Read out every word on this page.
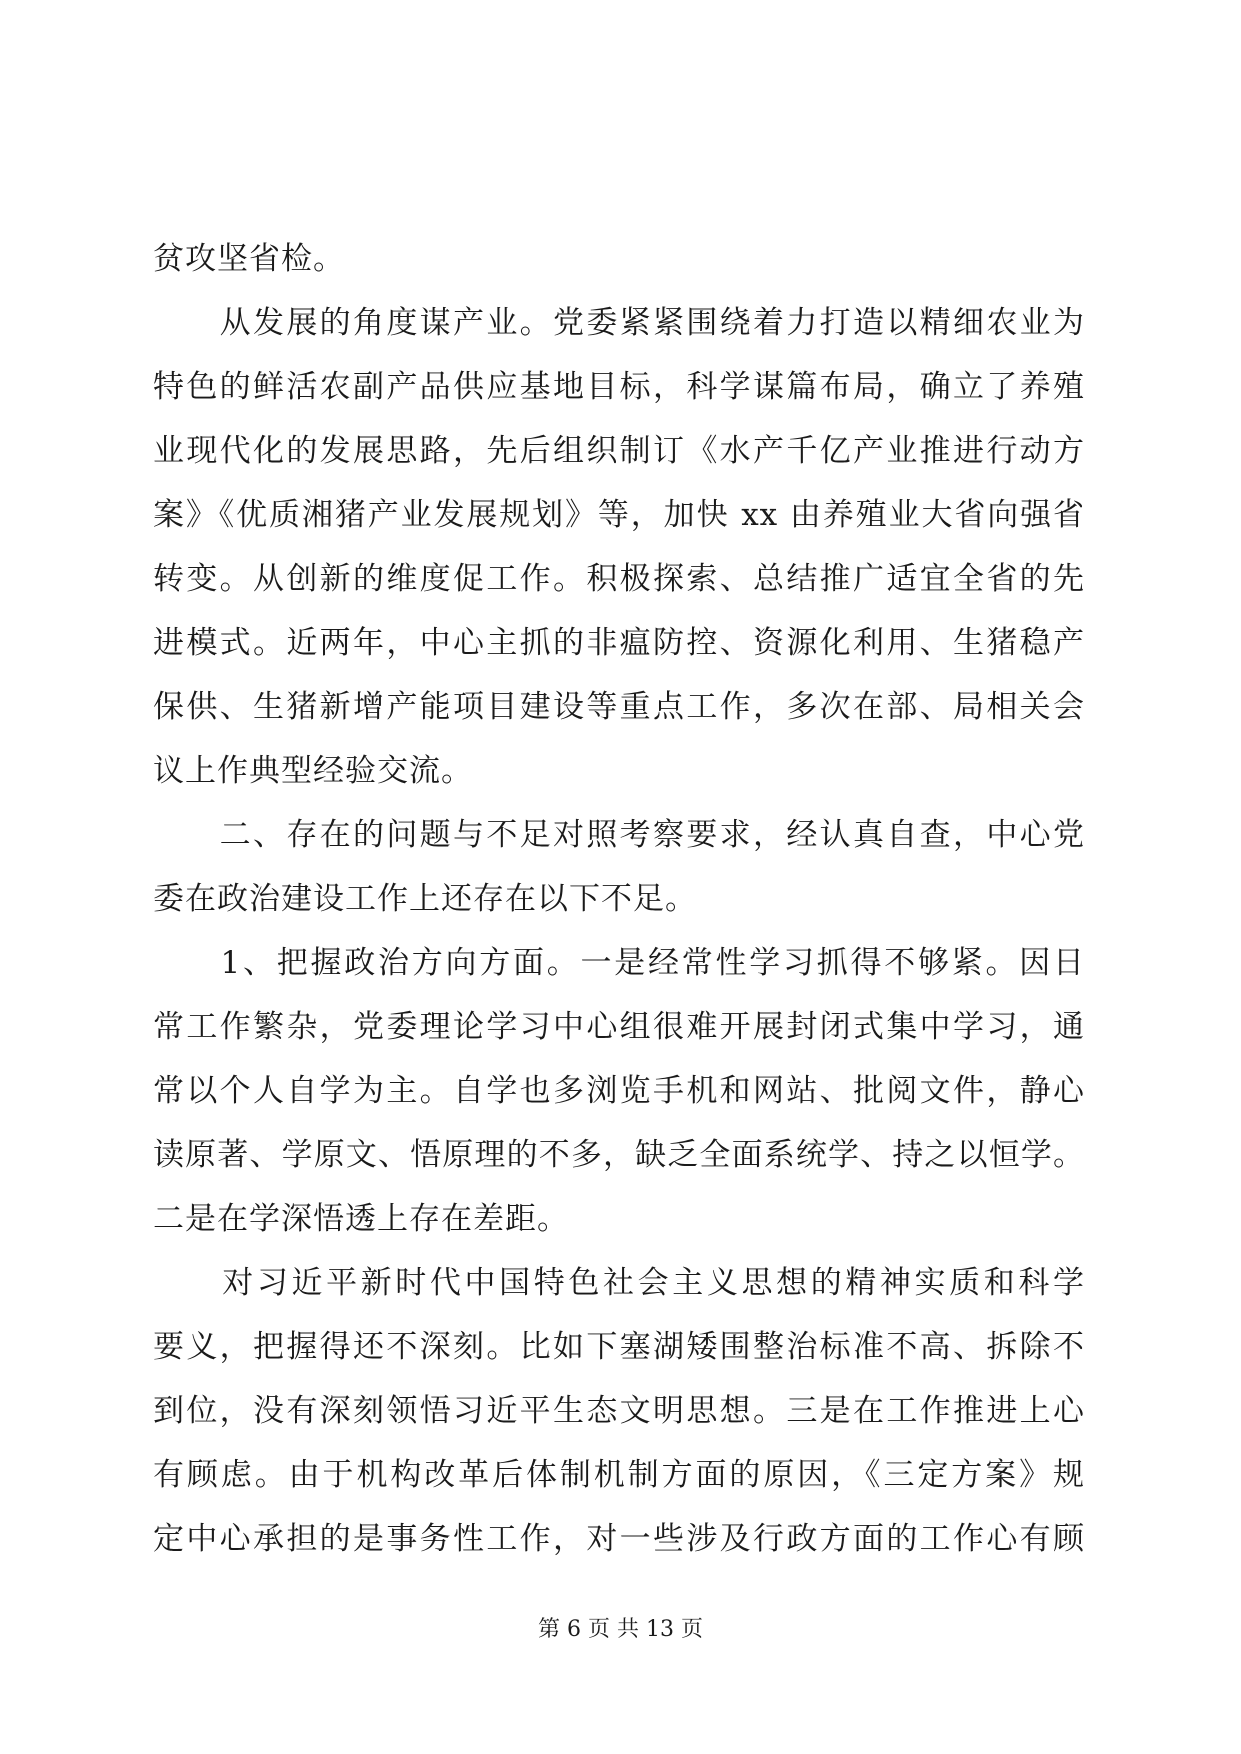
贫攻坚省检。
　　从发展的角度谋产业。党委紧紧围绕着力打造以精细农业为
特色的鲜活农副产品供应基地目标，科学谋篇布局，确立了养殖
业现代化的发展思路，先后组织制订《水产千亿产业推进行动方
案》《优质湘猪产业发展规划》等，加快 xx 由养殖业大省向强省
转变。从创新的维度促工作。积极探索、总结推广适宜全省的先
进模式。近两年，中心主抓的非瘟防控、资源化利用、生猪稳产
保供、生猪新增产能项目建设等重点工作，多次在部、局相关会
议上作典型经验交流。
　　二、存在的问题与不足对照考察要求，经认真自查，中心党
委在政治建设工作上还存在以下不足。
　　1、把握政治方向方面。一是经常性学习抓得不够紧。因日
常工作繁杂，党委理论学习中心组很难开展封闭式集中学习，通
常以个人自学为主。自学也多浏览手机和网站、批阅文件，静心
读原著、学原文、悟原理的不多，缺乏全面系统学、持之以恒学。
二是在学深悟透上存在差距。
　　对习近平新时代中国特色社会主义思想的精神实质和科学
要义，把握得还不深刻。比如下塞湖矮围整治标准不高、拆除不
到位，没有深刻领悟习近平生态文明思想。三是在工作推进上心
有顾虑。由于机构改革后体制机制方面的原因，《三定方案》规
定中心承担的是事务性工作，对一些涉及行政方面的工作心有顾
第 6 页 共 13 页
